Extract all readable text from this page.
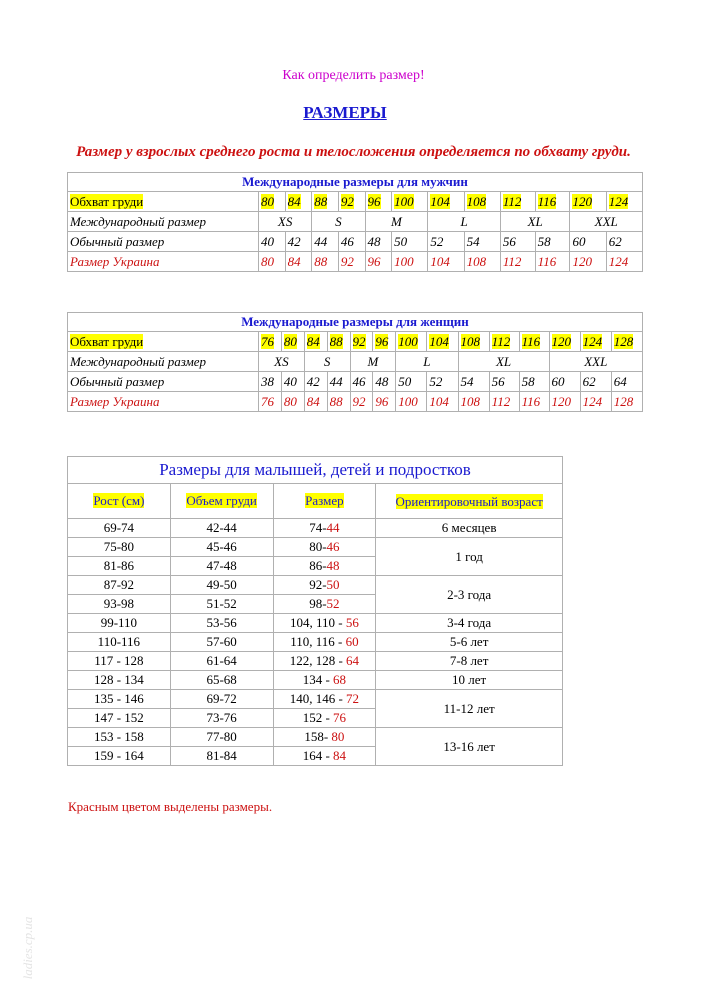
Как определить размер!
РАЗМЕРЫ
Размер у взрослых среднего роста и телосложения определяется по обхвату груди.
Международные размеры для мужчин												
Обхват груди	80	84	88	92	96	100	104	108	112	116	120	124
Международный размер	XS		S		M		L		XL		XXL	
Обычный размер	40	42	44	46	48	50	52	54	56	58	60	62
Размер Украина	80	84	88	92	96	100	104	108	112	116	120	124
Международные размеры для женщин														
Обхват груди	76	80	84	88	92	96	100	104	108	112	116	120	124	128
Международный размер	XS		S		M		L		XL			XXL		
Обычный размер	38	40	42	44	46	48	50	52	54	56	58	60	62	64
Размер Украина	76	80	84	88	92	96	100	104	108	112	116	120	124	128
Размеры для малышей, детей и подростков			
Рост (см)	Объем груди	Размер	Ориентировочный возраст
69-74	42-44	74-44	6 месяцев
75-80	45-46	80-46	1 год
81-86	47-48	86-48	
87-92	49-50	92-50	2-3 года
93-98	51-52	98-52	
99-110	53-56	104, 110 - 56	3-4 года
110-116	57-60	110, 116 - 60	5-6 лет
117 - 128	61-64	122, 128 - 64	7-8 лет
128 - 134	65-68	134 - 68	10 лет
135 - 146	69-72	140, 146 - 72	11-12 лет
147 - 152	73-76	152 - 76	
153 - 158	77-80	158- 80	13-16 лет
159 - 164	81-84	164 - 84	
Красным цветом выделены размеры.
ladies.cp.ua
